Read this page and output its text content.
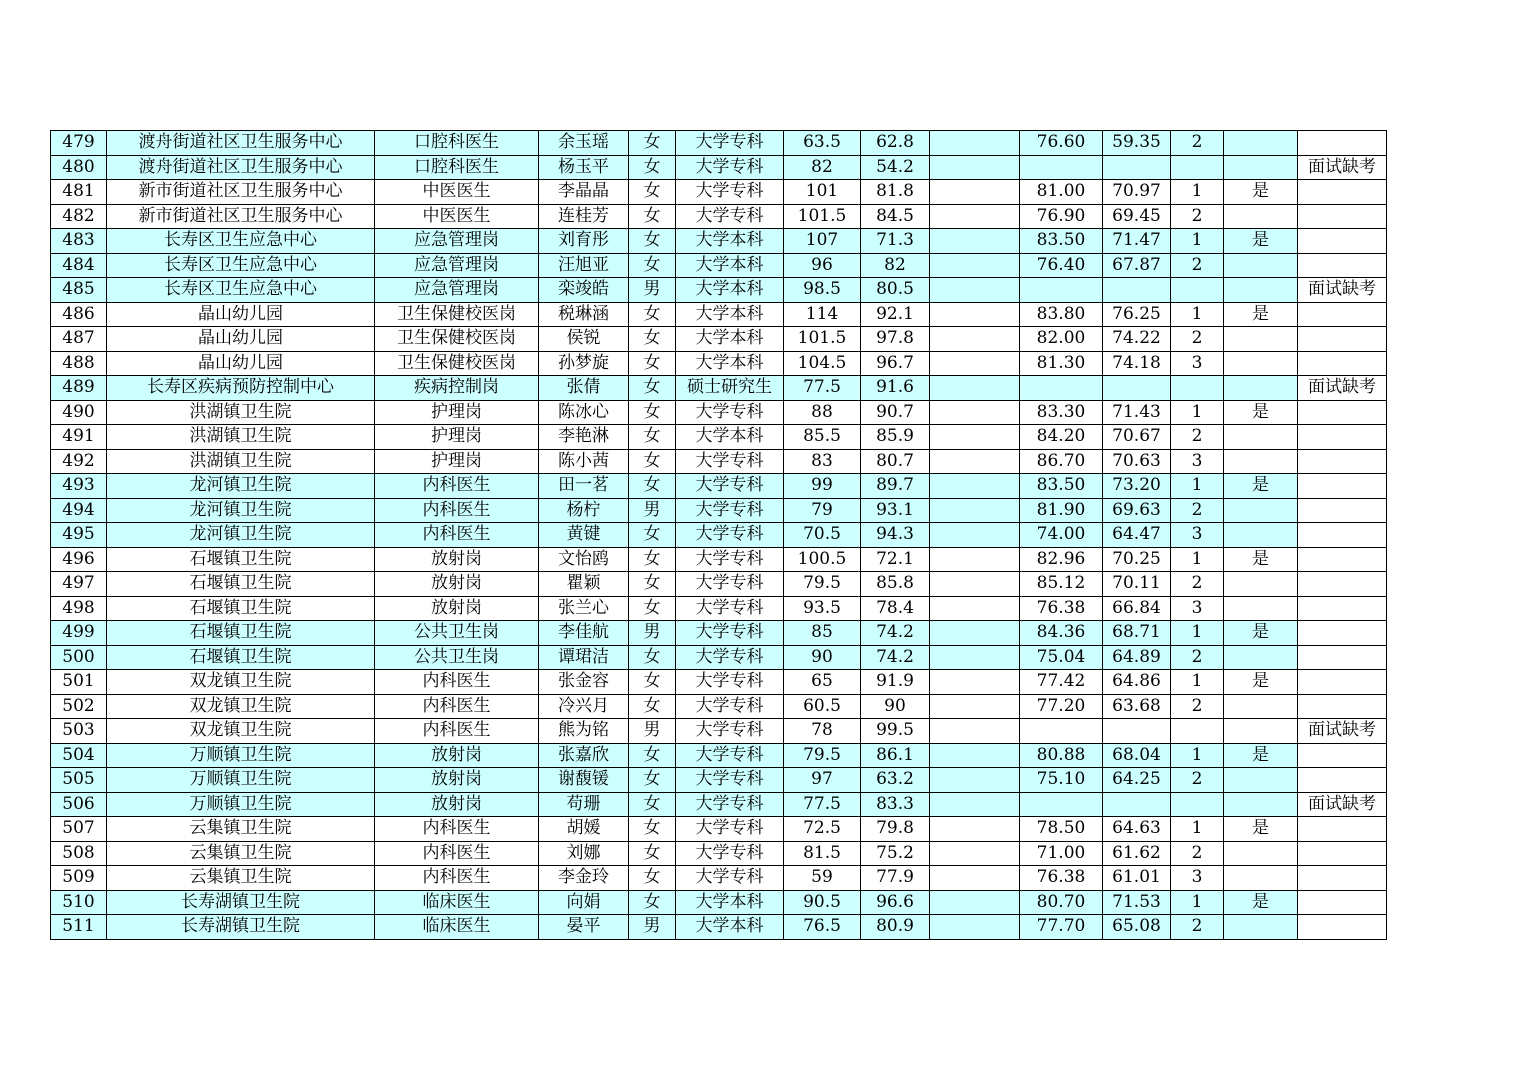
479	渡舟街道社区卫生服务中心	口腔科医生	余玉瑶	女	大学专科	63.5	62.8		76.60	59.35	2		
480	渡舟街道社区卫生服务中心	口腔科医生	杨玉平	女	大学专科	82	54.2						面试缺考
481	新市街道社区卫生服务中心	中医医生	李晶晶	女	大学专科	101	81.8		81.00	70.97	1	是	
482	新市街道社区卫生服务中心	中医医生	连桂芳	女	大学专科	101.5	84.5		76.90	69.45	2		
483	长寿区卫生应急中心	应急管理岗	刘育彤	女	大学本科	107	71.3		83.50	71.47	1	是	
484	长寿区卫生应急中心	应急管理岗	汪旭亚	女	大学本科	96	82		76.40	67.87	2		
485	长寿区卫生应急中心	应急管理岗	栾竣皓	男	大学本科	98.5	80.5						面试缺考
486	晶山幼儿园	卫生保健校医岗	税琳涵	女	大学本科	114	92.1		83.80	76.25	1	是	
487	晶山幼儿园	卫生保健校医岗	侯锐	女	大学本科	101.5	97.8		82.00	74.22	2		
488	晶山幼儿园	卫生保健校医岗	孙梦旋	女	大学本科	104.5	96.7		81.30	74.18	3		
489	长寿区疾病预防控制中心	疾病控制岗	张倩	女	硕士研究生	77.5	91.6						面试缺考
490	洪湖镇卫生院	护理岗	陈冰心	女	大学专科	88	90.7		83.30	71.43	1	是	
491	洪湖镇卫生院	护理岗	李艳淋	女	大学本科	85.5	85.9		84.20	70.67	2		
492	洪湖镇卫生院	护理岗	陈小茜	女	大学专科	83	80.7		86.70	70.63	3		
493	龙河镇卫生院	内科医生	田一茗	女	大学专科	99	89.7		83.50	73.20	1	是	
494	龙河镇卫生院	内科医生	杨柠	男	大学专科	79	93.1		81.90	69.63	2		
495	龙河镇卫生院	内科医生	黄键	女	大学专科	70.5	94.3		74.00	64.47	3		
496	石堰镇卫生院	放射岗	文怡鸥	女	大学专科	100.5	72.1		82.96	70.25	1	是	
497	石堰镇卫生院	放射岗	瞿颖	女	大学专科	79.5	85.8		85.12	70.11	2		
498	石堰镇卫生院	放射岗	张兰心	女	大学专科	93.5	78.4		76.38	66.84	3		
499	石堰镇卫生院	公共卫生岗	李佳航	男	大学专科	85	74.2		84.36	68.71	1	是	
500	石堰镇卫生院	公共卫生岗	谭珺洁	女	大学专科	90	74.2		75.04	64.89	2		
501	双龙镇卫生院	内科医生	张金容	女	大学专科	65	91.9		77.42	64.86	1	是	
502	双龙镇卫生院	内科医生	冷兴月	女	大学专科	60.5	90		77.20	63.68	2		
503	双龙镇卫生院	内科医生	熊为铭	男	大学专科	78	99.5						面试缺考
504	万顺镇卫生院	放射岗	张嘉欣	女	大学专科	79.5	86.1		80.88	68.04	1	是	
505	万顺镇卫生院	放射岗	谢馥锾	女	大学专科	97	63.2		75.10	64.25	2		
506	万顺镇卫生院	放射岗	苟珊	女	大学专科	77.5	83.3						面试缺考
507	云集镇卫生院	内科医生	胡媛	女	大学专科	72.5	79.8		78.50	64.63	1	是	
508	云集镇卫生院	内科医生	刘娜	女	大学专科	81.5	75.2		71.00	61.62	2		
509	云集镇卫生院	内科医生	李金玲	女	大学专科	59	77.9		76.38	61.01	3		
510	长寿湖镇卫生院	临床医生	向娟	女	大学本科	90.5	96.6		80.70	71.53	1	是	
511	长寿湖镇卫生院	临床医生	晏平	男	大学本科	76.5	80.9		77.70	65.08	2		
